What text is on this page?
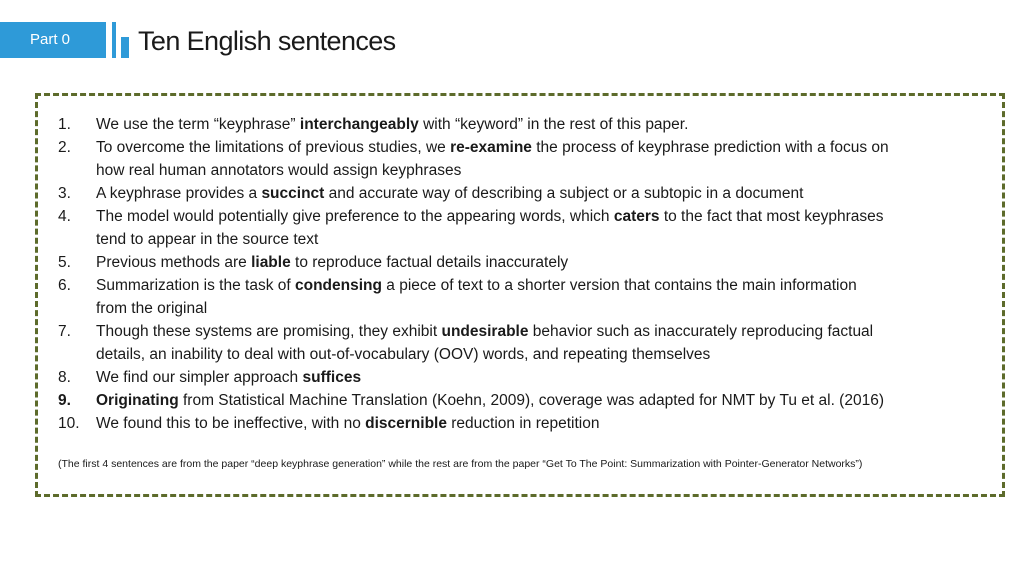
Part 0	Ten English sentences
1. We use the term “keyphrase” interchangeably with “keyword” in the rest of this paper.
2. To overcome the limitations of previous studies, we re-examine the process of keyphrase prediction with a focus on
how real human annotators would assign keyphrases
3. A keyphrase provides a succinct and accurate way of describing a subject or a subtopic in a document
4. The model would potentially give preference to the appearing words, which caters to the fact that most keyphrases
tend to appear in the source text
5. Previous methods are liable to reproduce factual details inaccurately
6. Summarization is the task of condensing a piece of text to a shorter version that contains the main information
from the original
7. Though these systems are promising, they exhibit undesirable behavior such as inaccurately reproducing factual
details, an inability to deal with out-of-vocabulary (OOV) words, and repeating themselves
8. We find our simpler approach suffices
9. Originating from Statistical Machine Translation (Koehn, 2009), coverage was adapted for NMT by Tu et al. (2016)
10. We found this to be ineffective, with no discernible reduction in repetition
(The first 4 sentences are from the paper “deep keyphrase generation” while the rest are from the paper “Get To The Point: Summarization with Pointer-Generator Networks”)
